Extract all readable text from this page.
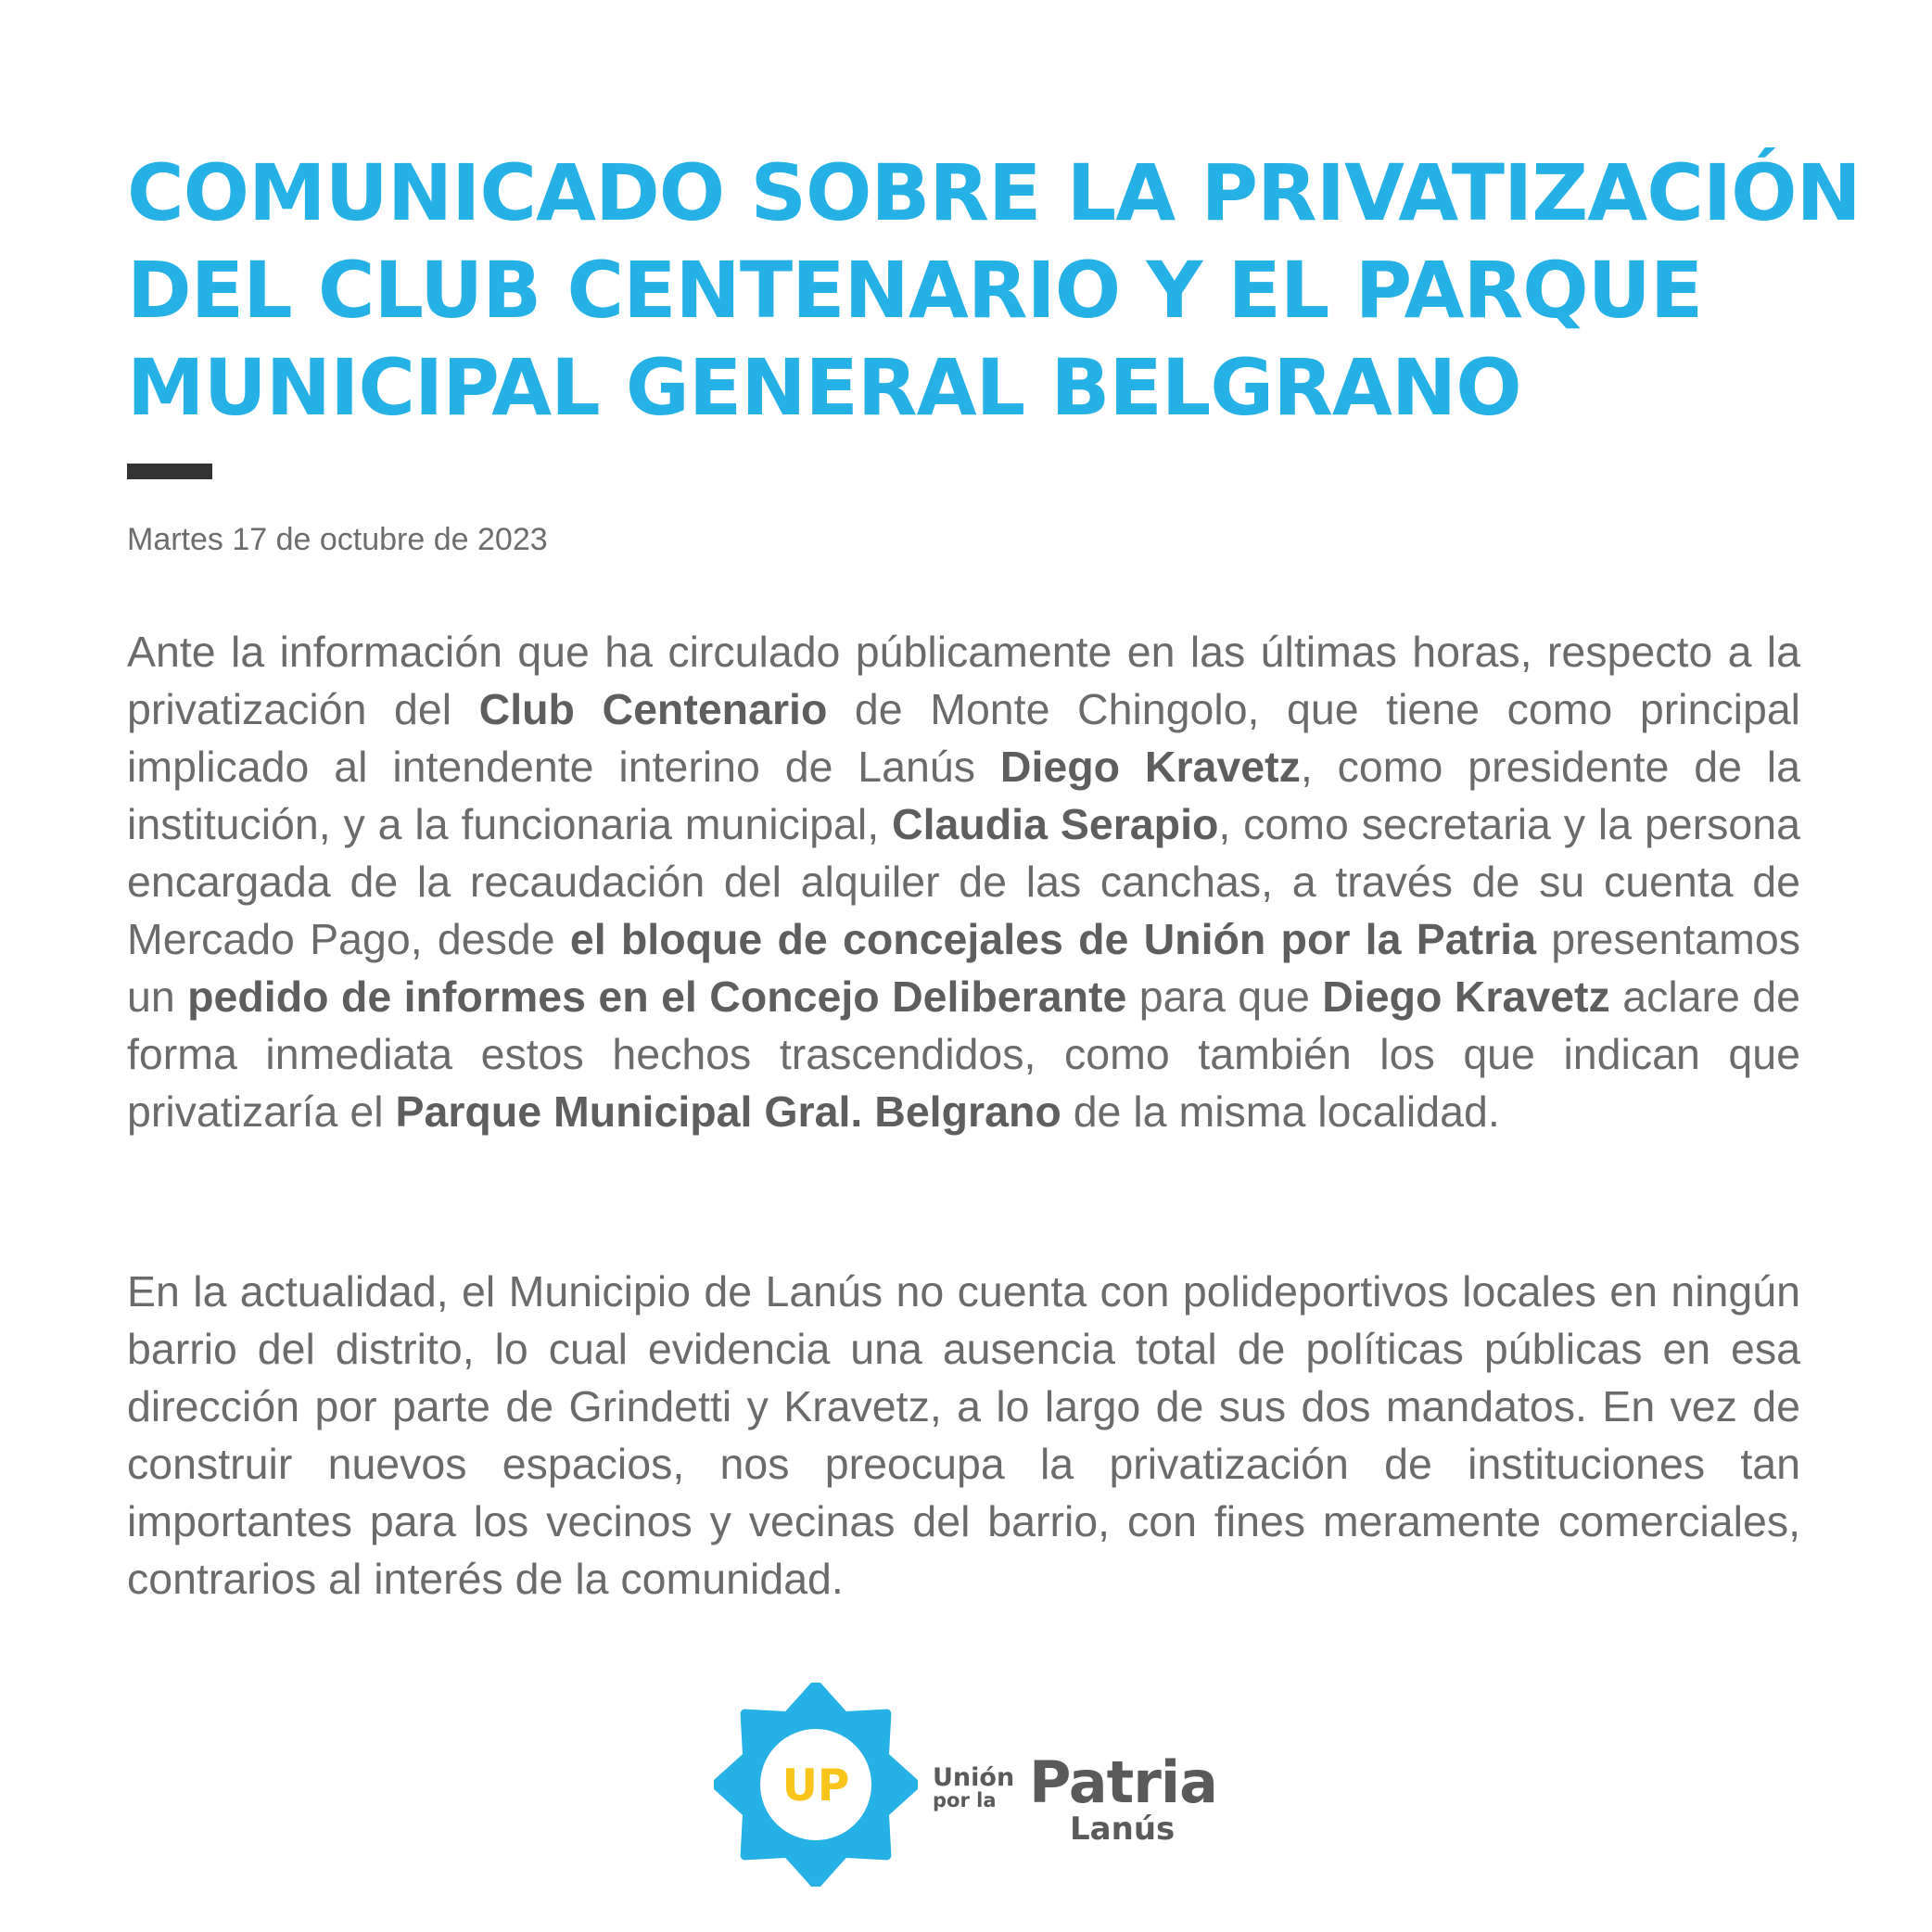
COMUNICADO SOBRE LA PRIVATIZACIÓN
DEL CLUB CENTENARIO Y EL PARQUE
MUNICIPAL GENERAL BELGRANO
Martes 17 de octubre de 2023

Ante la información que ha circulado públicamente en las últimas horas, respecto a la privatización del Club Centenario de Monte Chingolo, que tiene como principal implicado al intendente interino de Lanús Diego Kravetz, como presidente de la institución, y a la funcionaria municipal, Claudia Serapio, como secretaria y la persona encargada de la recaudación del alquiler de las canchas, a través de su cuenta de Mercado Pago, desde el bloque de concejales de Unión por la Patria presentamos un pedido de informes en el Concejo Deliberante para que Diego Kravetz aclare de forma inmediata estos hechos trascendidos, como también los que indican que privatizaría el Parque Municipal Gral. Belgrano de la misma localidad.

En la actualidad, el Municipio de Lanús no cuenta con polideportivos locales en ningún barrio del distrito, lo cual evidencia una ausencia total de políticas públicas en esa dirección por parte de Grindetti y Kravetz, a lo largo de sus dos mandatos. En vez de construir nuevos espacios, nos preocupa la privatización de instituciones tan importantes para los vecinos y vecinas del barrio, con fines meramente comerciales, contrarios al interés de la comunidad.

UP	Unión
por la Patria
Lanús
